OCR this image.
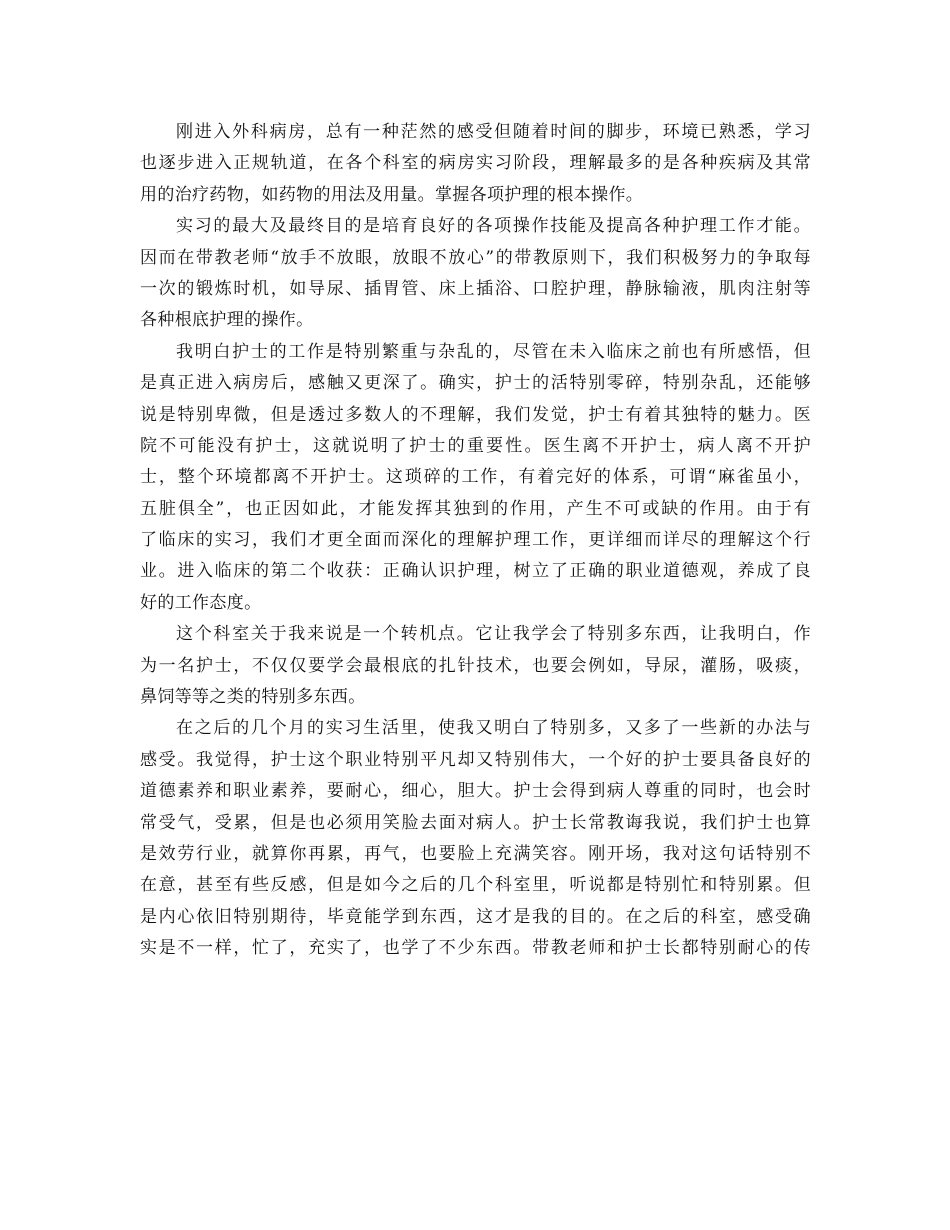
刚进入外科病房，总有一种茫然的感受但随着时间的脚步，环境已熟悉，学习
也逐步进入正规轨道，在各个科室的病房实习阶段，理解最多的是各种疾病及其常
用的治疗药物，如药物的用法及用量。掌握各项护理的根本操作。
实习的最大及最终目的是培育良好的各项操作技能及提高各种护理工作才能。
因而在带教老师“放手不放眼，放眼不放心”的带教原则下，我们积极努力的争取每
一次的锻炼时机，如导尿、插胃管、床上插浴、口腔护理，静脉输液，肌肉注射等
各种根底护理的操作。
我明白护士的工作是特别繁重与杂乱的，尽管在未入临床之前也有所感悟，但
是真正进入病房后，感触又更深了。确实，护士的活特别零碎，特别杂乱，还能够
说是特别卑微，但是透过多数人的不理解，我们发觉，护士有着其独特的魅力。医
院不可能没有护士，这就说明了护士的重要性。医生离不开护士，病人离不开护
士，整个环境都离不开护士。这琐碎的工作，有着完好的体系，可谓“麻雀虽小，
五脏俱全”，也正因如此，才能发挥其独到的作用，产生不可或缺的作用。由于有
了临床的实习，我们才更全面而深化的理解护理工作，更详细而详尽的理解这个行
业。进入临床的第二个收获：正确认识护理，树立了正确的职业道德观，养成了良
好的工作态度。
这个科室关于我来说是一个转机点。它让我学会了特别多东西，让我明白，作
为一名护士，不仅仅要学会最根底的扎针技术，也要会例如，导尿，灌肠，吸痰，
鼻饲等等之类的特别多东西。
在之后的几个月的实习生活里，使我又明白了特别多，又多了一些新的办法与
感受。我觉得，护士这个职业特别平凡却又特别伟大，一个好的护士要具备良好的
道德素养和职业素养，要耐心，细心，胆大。护士会得到病人尊重的同时，也会时
常受气，受累，但是也必须用笑脸去面对病人。护士长常教诲我说，我们护士也算
是效劳行业，就算你再累，再气，也要脸上充满笑容。刚开场，我对这句话特别不
在意，甚至有些反感，但是如今之后的几个科室里，听说都是特别忙和特别累。但
是内心依旧特别期待，毕竟能学到东西，这才是我的目的。在之后的科室，感受确
实是不一样，忙了，充实了，也学了不少东西。带教老师和护士长都特别耐心的传
